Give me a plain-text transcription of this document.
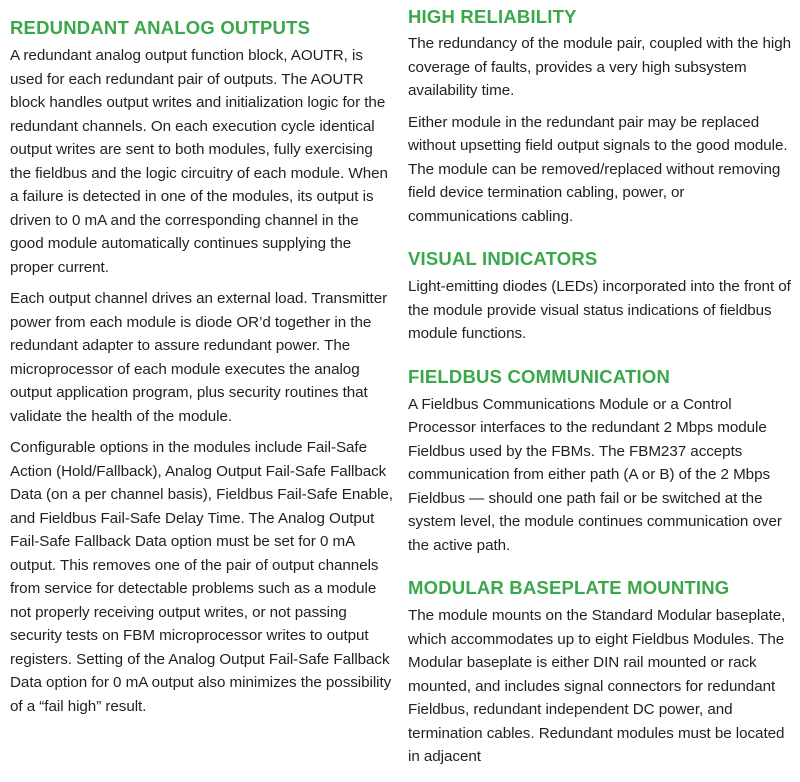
REDUNDANT ANALOG OUTPUTS

A redundant analog output function block, AOUTR, is used for each redundant pair of outputs. The AOUTR block handles output writes and initialization logic for the redundant channels. On each execution cycle identical output writes are sent to both modules, fully exercising the fieldbus and the logic circuitry of each module. When a failure is detected in one of the modules, its output is driven to 0 mA and the corresponding channel in the good module automatically continues supplying the proper current.

Each output channel drives an external load. Transmitter power from each module is diode OR’d together in the redundant adapter to assure redundant power. The microprocessor of each module executes the analog output application program, plus security routines that validate the health of the module.

Configurable options in the modules include Fail-Safe Action (Hold/Fallback), Analog Output Fail-Safe Fallback Data (on a per channel basis), Fieldbus Fail-Safe Enable, and Fieldbus Fail-Safe Delay Time. The Analog Output Fail-Safe Fallback Data option must be set for 0 mA output. This removes one of the pair of output channels from service for detectable problems such as a module not properly receiving output writes, or not passing security tests on FBM microprocessor writes to output registers. Setting of the Analog Output Fail-Safe Fallback Data option for 0 mA output also minimizes the possibility of a “fail high” result.

HIGH RELIABILITY

The redundancy of the module pair, coupled with the high coverage of faults, provides a very high subsystem availability time.

Either module in the redundant pair may be replaced without upsetting field output signals to the good module. The module can be removed/replaced without removing field device termination cabling, power, or communications cabling.

VISUAL INDICATORS

Light-emitting diodes (LEDs) incorporated into the front of the module provide visual status indications of fieldbus module functions.

FIELDBUS COMMUNICATION

A Fieldbus Communications Module or a Control Processor interfaces to the redundant 2 Mbps module Fieldbus used by the FBMs. The FBM237 accepts communication from either path (A or B) of the 2 Mbps Fieldbus — should one path fail or be switched at the system level, the module continues communication over the active path.

MODULAR BASEPLATE MOUNTING

The module mounts on the Standard Modular baseplate, which accommodates up to eight Fieldbus Modules. The Modular baseplate is either DIN rail mounted or rack mounted, and includes signal connectors for redundant Fieldbus, redundant independent DC power, and termination cables. Redundant modules must be located in adjacent
